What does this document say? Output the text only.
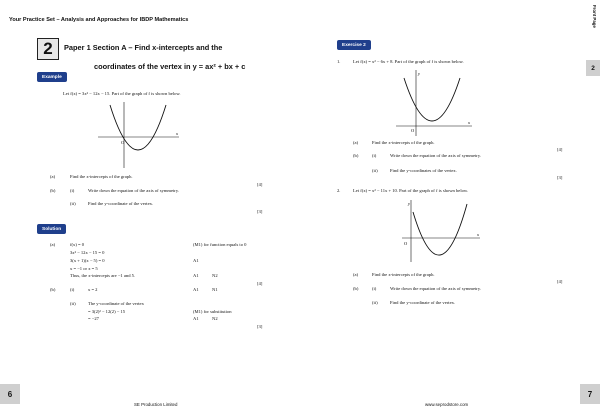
Your Practice Set – Analysis and Approaches for IBDP Mathematics
2	Paper 1 Section A – Find x-intercepts and the
coordinates of the vertex in y = ax² + bx + c
Example
Let f(x) = 3x² − 12x − 15. Part of the graph of f is shown below.
O
x
(a)	Find the x-intercepts of the graph.
[4]
(b)	(i)	Write down the equation of the axis of symmetry.
(ii)	Find the y-coordinate of the vertex.
[3]
Solution
(a)	f(x) = 0	(M1) for function equals to 0
3x² − 12x − 15 = 0
3(x + 1)(x − 5) = 0	A1
x = −1 or x = 5
Thus, the x-intercepts are −1 and 5.	A1	N2
[4]
(b)	(i)	x = 2	A1	N1
(ii)	The y-coordinate of the vertex
= 3(2)² − 12(2) − 15	(M1) for substitution
= −27	A1	N2
[3]
Front Page
Exercise 2
2
1.	Let f(x) = x² − 6x + 8. Part of the graph of f is shown below.
O
x
y
(a)	Find the x-intercepts of the graph.
[4]
(b)	(i)	Write down the equation of the axis of symmetry.
(ii)	Find the y-coordinates of the vertex.
[3]
2.	Let f(x) = x² − 11x + 10. Part of the graph of f is shown below.
O
x
y
(a)	Find the x-intercepts of the graph.
[4]
(b)	(i)	Write down the equation of the axis of symmetry.
(ii)	Find the y-coordinate of the vertex.
6
SE Production Limited	www.seprodstore.com
7
